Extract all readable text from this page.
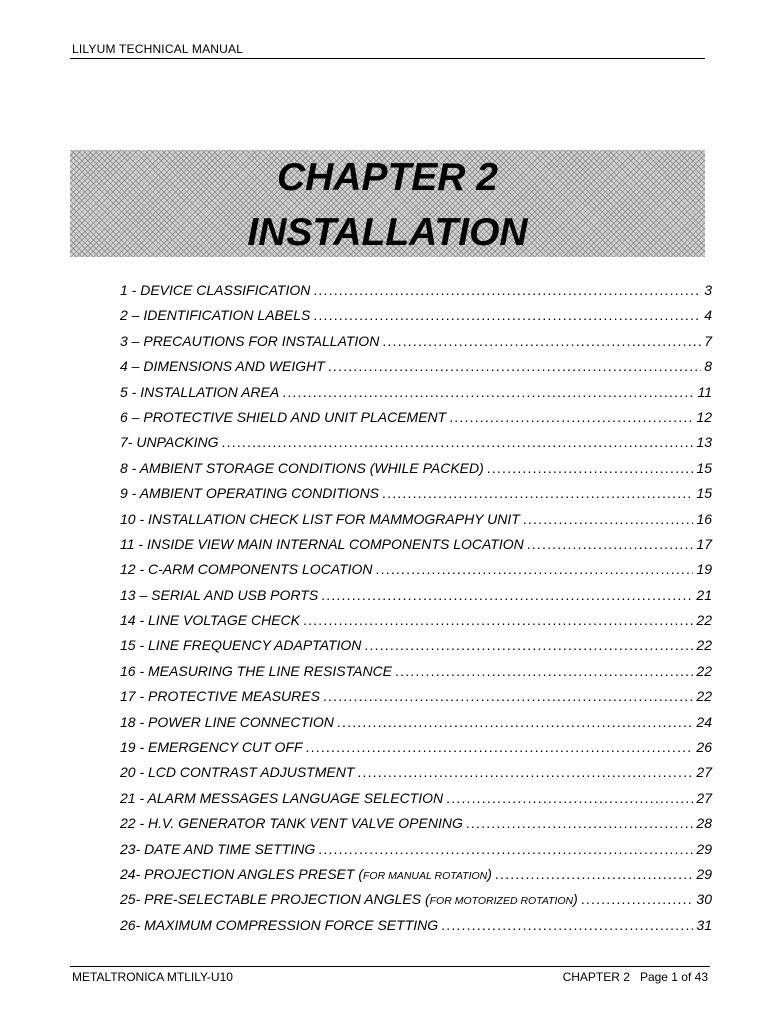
LILYUM TECHNICAL MANUAL
CHAPTER 2
INSTALLATION
1 - DEVICE CLASSIFICATION .....	3
2 – IDENTIFICATION LABELS .....	4
3 – PRECAUTIONS FOR INSTALLATION .....	7
4 – DIMENSIONS AND WEIGHT .....	8
5 - INSTALLATION AREA .....	11
6 – PROTECTIVE SHIELD AND UNIT PLACEMENT .....	12
7- UNPACKING .....	13
8 - AMBIENT STORAGE CONDITIONS (WHILE PACKED) .....	15
9 - AMBIENT OPERATING CONDITIONS .....	15
10 - INSTALLATION CHECK LIST FOR MAMMOGRAPHY UNIT .....	16
11 - INSIDE VIEW MAIN INTERNAL COMPONENTS LOCATION .....	17
12 - C-ARM COMPONENTS LOCATION .....	19
13 – SERIAL AND USB PORTS .....	21
14 - LINE VOLTAGE CHECK .....	22
15 - LINE FREQUENCY ADAPTATION .....	22
16 - MEASURING THE LINE RESISTANCE .....	22
17 - PROTECTIVE MEASURES .....	22
18 - POWER LINE CONNECTION .....	24
19 - EMERGENCY CUT OFF .....	26
20 - LCD CONTRAST ADJUSTMENT .....	27
21 - ALARM MESSAGES LANGUAGE SELECTION .....	27
22 - H.V. GENERATOR TANK VENT VALVE OPENING .....	28
23- DATE AND TIME SETTING .....	29
24- PROJECTION ANGLES PRESET (FOR MANUAL ROTATION) .....	29
25- PRE-SELECTABLE PROJECTION ANGLES (FOR MOTORIZED ROTATION) .....	30
26- MAXIMUM COMPRESSION FORCE SETTING .....	31
METALTRONICA MTLILY-U10	CHAPTER 2 Page 1 of 43
